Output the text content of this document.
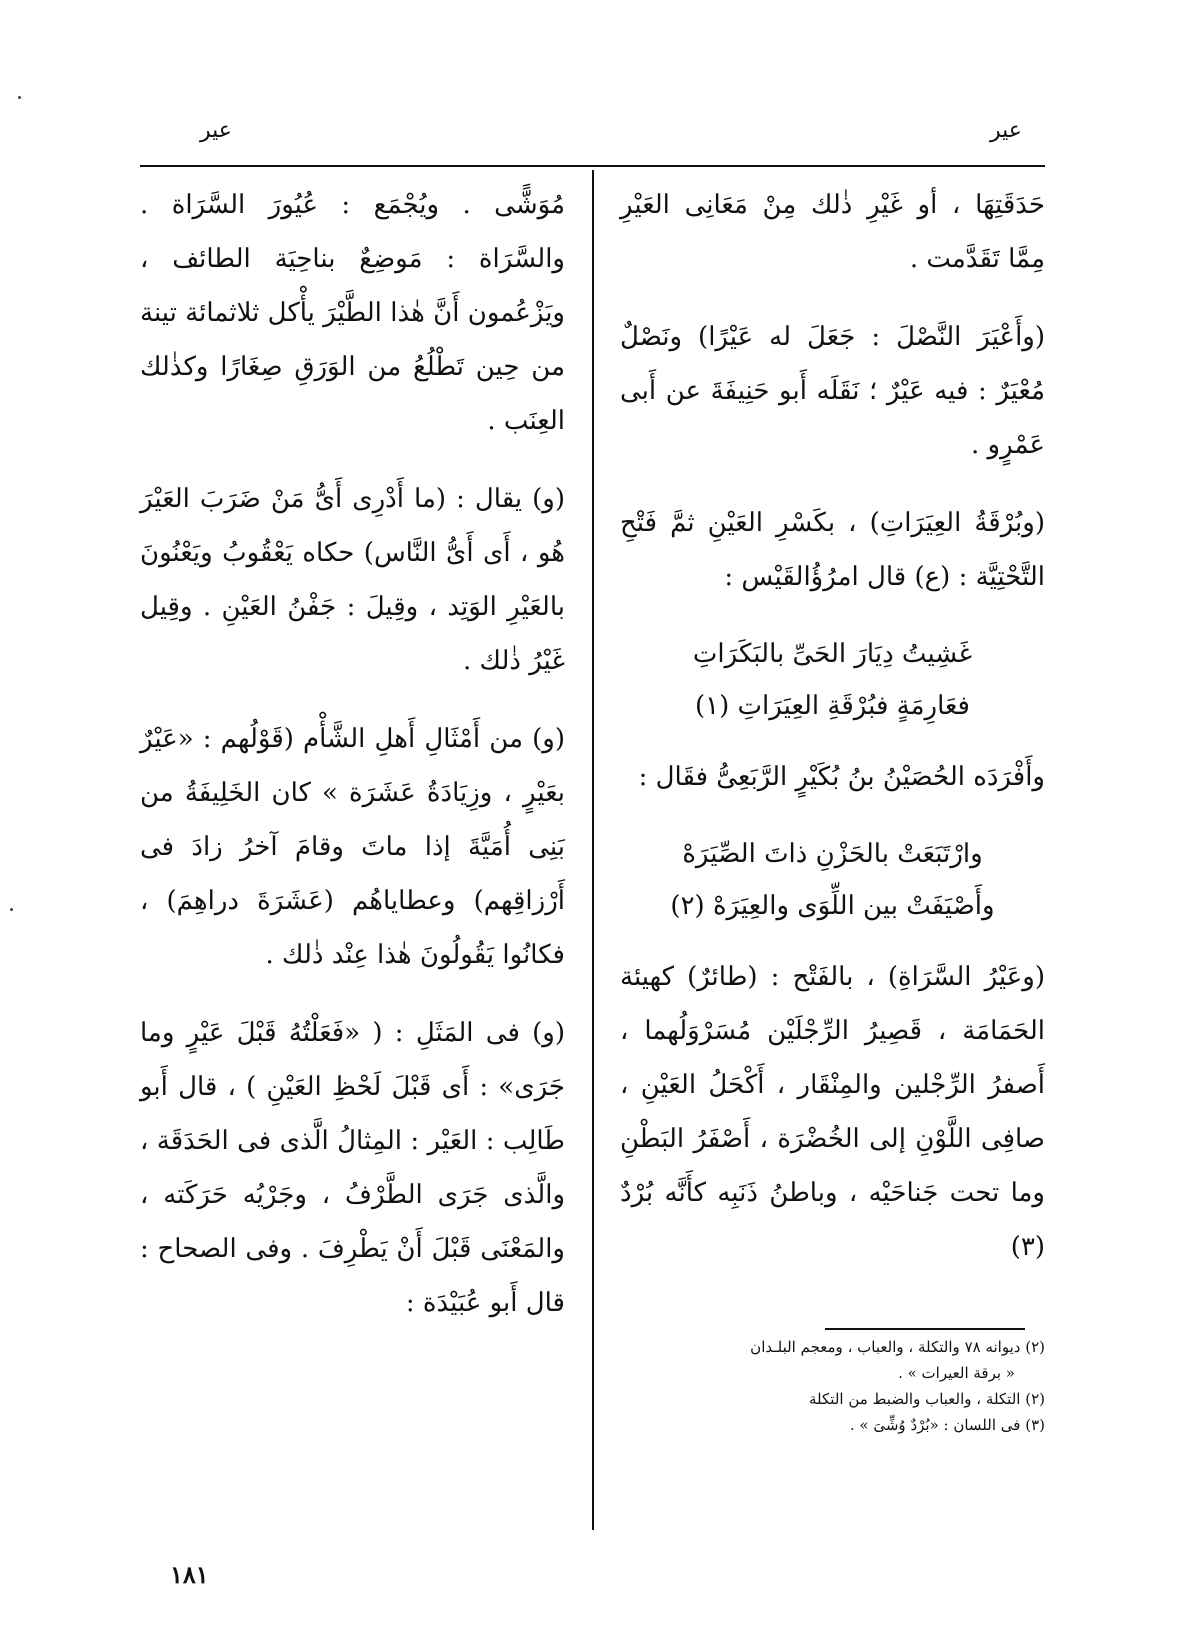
عير	عير

حَدَقَتِهَا ، أو غَيْرِ ذٰلك مِنْ مَعَانِى العَيْرِ مِمَّا تَقَدَّمت .

(وأَعْيَرَ النَّصْلَ : جَعَلَ له عَيْرًا) ونَصْلٌ مُعْيَرٌ : فيه عَيْرٌ ؛ نَقَلَه أَبو حَنِيفَةَ عن أَبى عَمْرٍو .

(وبُرْقَةُ العِيَرَاتِ) ، بكَسْرِ العَيْنِ ثمَّ فَتْحِ التَّحْتِيَّة : (ع) قال امرُؤُالقَيْس :

غَشِيتُ دِيَارَ الحَىِّ بالبَكَرَاتِ
فعَارِمَةٍ فبُرْقَةِ العِيَرَاتِ (١)

وأَفْرَدَه الحُصَيْنُ بنُ بُكَيْرٍ الرَّبَعِىُّ فقَال :

وارْتَبَعَتْ بالحَزْنِ ذاتَ الصِّيَرَهْ
وأَصْيَفَتْ بين اللِّوَى والعِيَرَهْ (٢)

(وعَيْرُ السَّرَاةِ) ، بالفَتْح : (طائرٌ) كهيئة الحَمَامَة ، قَصِيرُ الرِّجْلَيْن مُسَرْوَلُهما ، أَصفرُ الرِّجْلين والمِنْقَار ، أَكْحَلُ العَيْنِ ، صافِى اللَّوْنِ إلى الخُضْرَة ، أَصْفَرُ البَطْنِ وما تحت جَناحَيْه ، وباطنُ ذَنَبِه كأَنَّه بُرْدٌ (٣)

مُوَشًّى . ويُجْمَع : عُيُورَ السَّرَاة . والسَّرَاة : مَوضِعٌ بناحِيَة الطائف ، ويَزْعُمون أَنَّ هٰذا الطَّيْرَ يأْكل ثلاثمائة تينة من حِين تَطْلُعُ من الوَرَقِ صِغَارًا وكذٰلك العِنَب .

(و) يقال : (ما أَدْرِى أَىُّ مَنْ ضَرَبَ العَيْرَ هُو ، أَى أَىُّ النَّاس) حكاه يَعْقُوبُ ويَعْنُونَ بالعَيْرِ الوَتِد ، وقِيلَ : جَفْنُ العَيْنِ . وقِيل غَيْرُ ذٰلك .

(و) من أَمْثَالِ أَهلِ الشَّأْم (قَوْلُهم : «عَيْرٌ بعَيْرٍ ، وزِيَادَةُ عَشَرَة » كان الخَلِيفَةُ من بَنِى أُمَيَّةَ إذا ماتَ وقامَ آخرُ زادَ فى أَرْزاقِهم) وعطاياهُم (عَشَرَةَ دراهِمَ) ، فكانُوا يَقُولُونَ هٰذا عِنْد ذٰلك .

(و) فى المَثَلِ : ( «فَعَلْتُهُ قَبْلَ عَيْرٍ وما جَرَى» : أَى قَبْلَ لَحْظِ العَيْنِ ) ، قال أَبو طَالِب : العَيْر : المِثالُ الَّذى فى الحَدَقَة ، والَّذى جَرَى الطَّرْفُ ، وجَرْيُه حَرَكَته ، والمَعْنَى قَبْلَ أَنْ يَطْرِفَ . وفى الصحاح : قال أَبو عُبَيْدَة :

(٢) ديوانه ٧٨ والتكلة ، والعباب ، ومعجم البلـدان
« برقة العيرات » .
(٢) التكلة ، والعباب والضبط من التكلة
(٣) فى اللسان : «بُرْدٌ وُشِّىَ » .
١٨١
